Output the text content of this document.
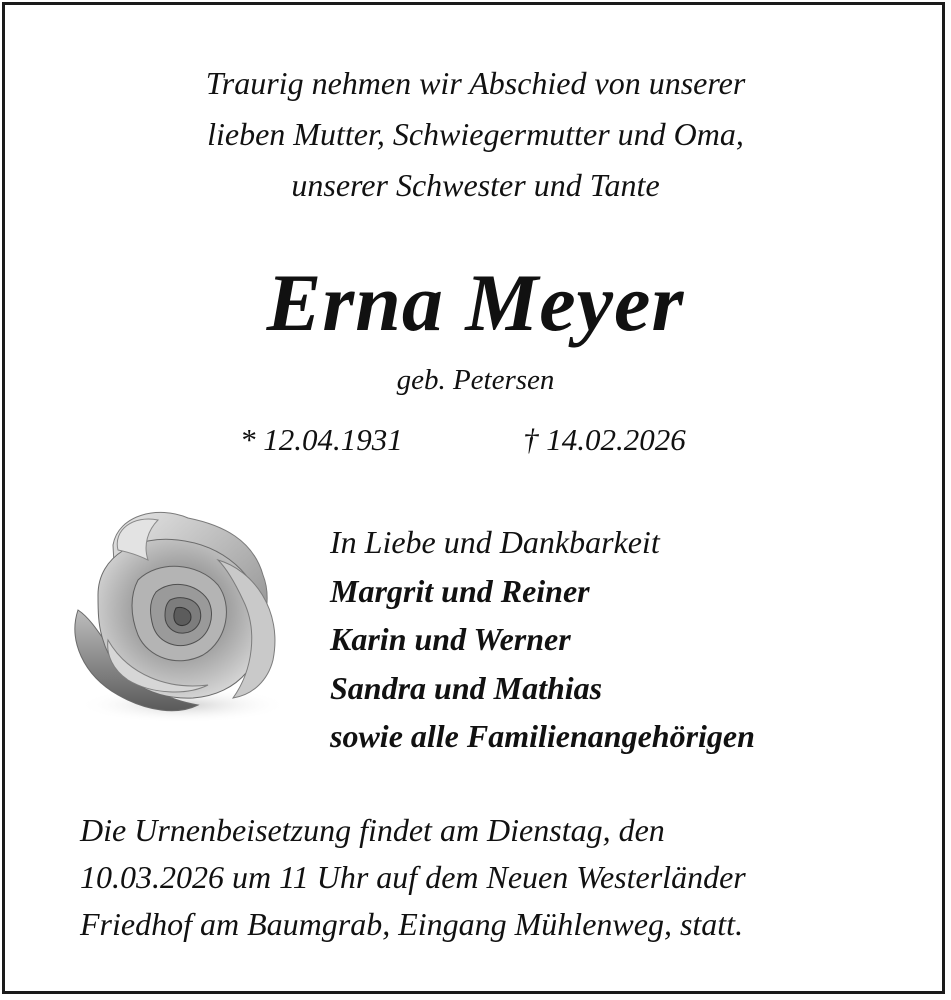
Traurig nehmen wir Abschied von unserer
lieben Mutter, Schwiegermutter und Oma,
unserer Schwester und Tante
Erna Meyer
geb. Petersen
* 12.04.1931	† 14.02.2026
In Liebe und Dankbarkeit
Margrit und Reiner
Karin und Werner
Sandra und Mathias
sowie alle Familienangehörigen
Die Urnenbeisetzung findet am Dienstag, den
10.03.2026 um 11 Uhr auf dem Neuen Westerländer
Friedhof am Baumgrab, Eingang Mühlenweg, statt.
